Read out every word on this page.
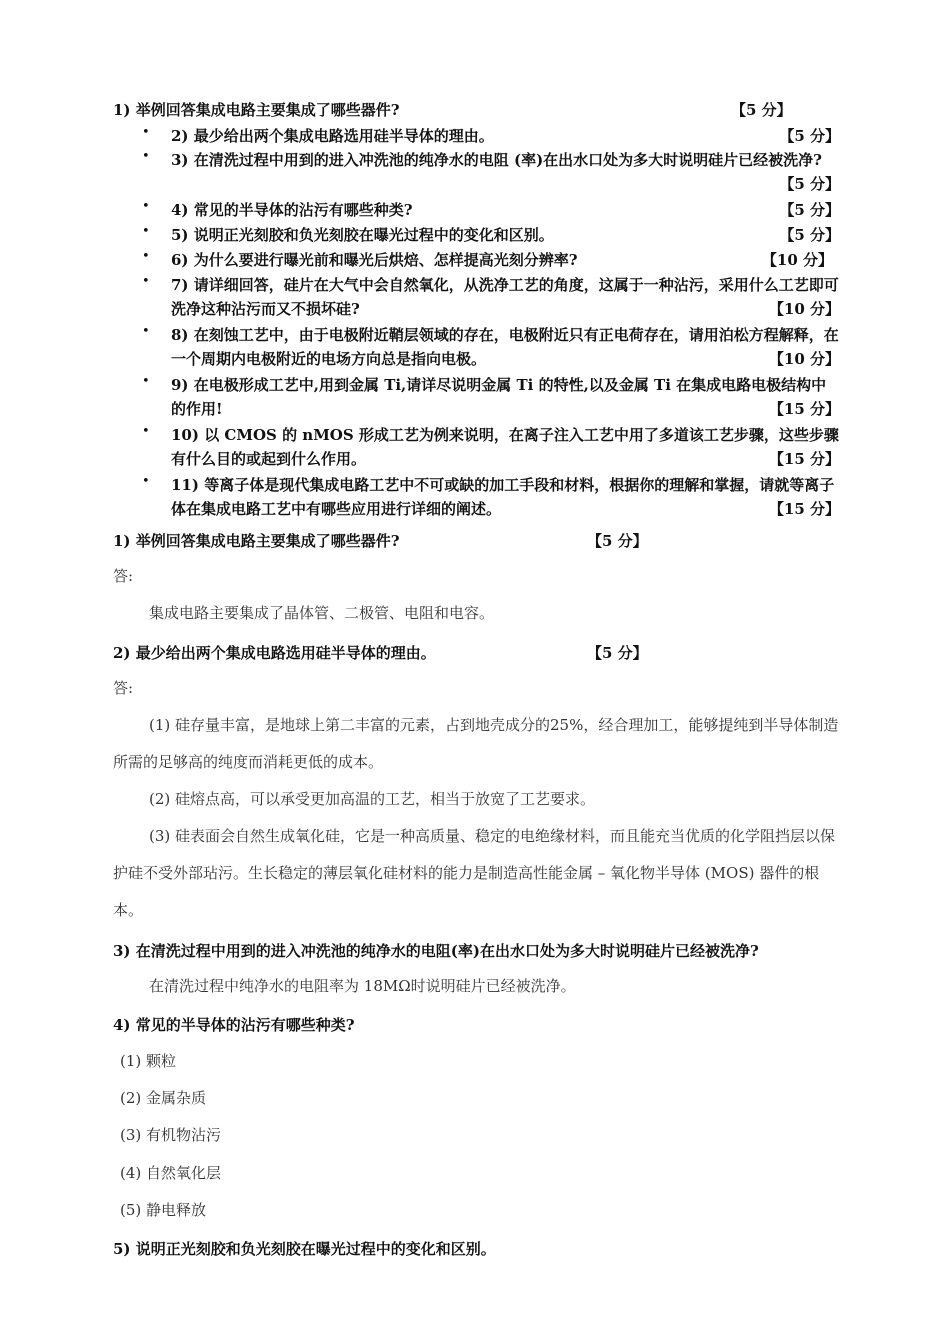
1) 举例回答集成电路主要集成了哪些器件?	【5 分】
• 2) 最少给出两个集成电路选用硅半导体的理由。	【5 分】
• 3) 在清洗过程中用到的进入冲洗池的纯净水的电阻 (率)在出水口处为多大时说明硅片已经被洗净?
【5 分】
• 4) 常见的半导体的沾污有哪些种类?	【5 分】
• 5) 说明正光刻胶和负光刻胶在曝光过程中的变化和区别。	【5 分】
• 6) 为什么要进行曝光前和曝光后烘焙、怎样提高光刻分辨率?	【10 分】
• 7) 请详细回答，硅片在大气中会自然氧化，从洗净工艺的角度，这属于一种沾污，采用什么工艺即可洗净这种沾污而又不损坏硅?	【10 分】
• 8) 在刻蚀工艺中，由于电极附近鞘层领域的存在，电极附近只有正电荷存在，请用泊松方程解释，在一个周期内电极附近的电场方向总是指向电极。	【10 分】
• 9) 在电极形成工艺中,用到金属 Ti,请详尽说明金属 Ti 的特性,以及金属 Ti 在集成电路电极结构中的作用!	【15 分】
• 10) 以 CMOS 的 nMOS 形成工艺为例来说明，在离子注入工艺中用了多道该工艺步骤，这些步骤有什么目的或起到什么作用。	【15 分】
• 11) 等离子体是现代集成电路工艺中不可或缺的加工手段和材料，根据你的理解和掌握，请就等离子体在集成电路工艺中有哪些应用进行详细的阐述。	【15 分】
1) 举例回答集成电路主要集成了哪些器件?	【5 分】
答:
集成电路主要集成了晶体管、二极管、电阻和电容。
2) 最少给出两个集成电路选用硅半导体的理由。	【5 分】
答:
(1) 硅存量丰富，是地球上第二丰富的元素，占到地壳成分的25%，经合理加工，能够提纯到半导体制造所需的足够高的纯度而消耗更低的成本。
(2) 硅熔点高，可以承受更加高温的工艺，相当于放宽了工艺要求。
(3) 硅表面会自然生成氧化硅，它是一种高质量、稳定的电绝缘材料，而且能充当优质的化学阻挡层以保护硅不受外部玷污。生长稳定的薄层氧化硅材料的能力是制造高性能金属 – 氧化物半导体 (MOS) 器件的根本。
3) 在清洗过程中用到的进入冲洗池的纯净水的电阻(率)在出水口处为多大时说明硅片已经被洗净?
在清洗过程中纯净水的电阻率为 18MΩ时说明硅片已经被洗净。
4) 常见的半导体的沾污有哪些种类?
(1) 颗粒
(2) 金属杂质
(3) 有机物沾污
(4) 自然氧化层
(5) 静电释放
5) 说明正光刻胶和负光刻胶在曝光过程中的变化和区别。
